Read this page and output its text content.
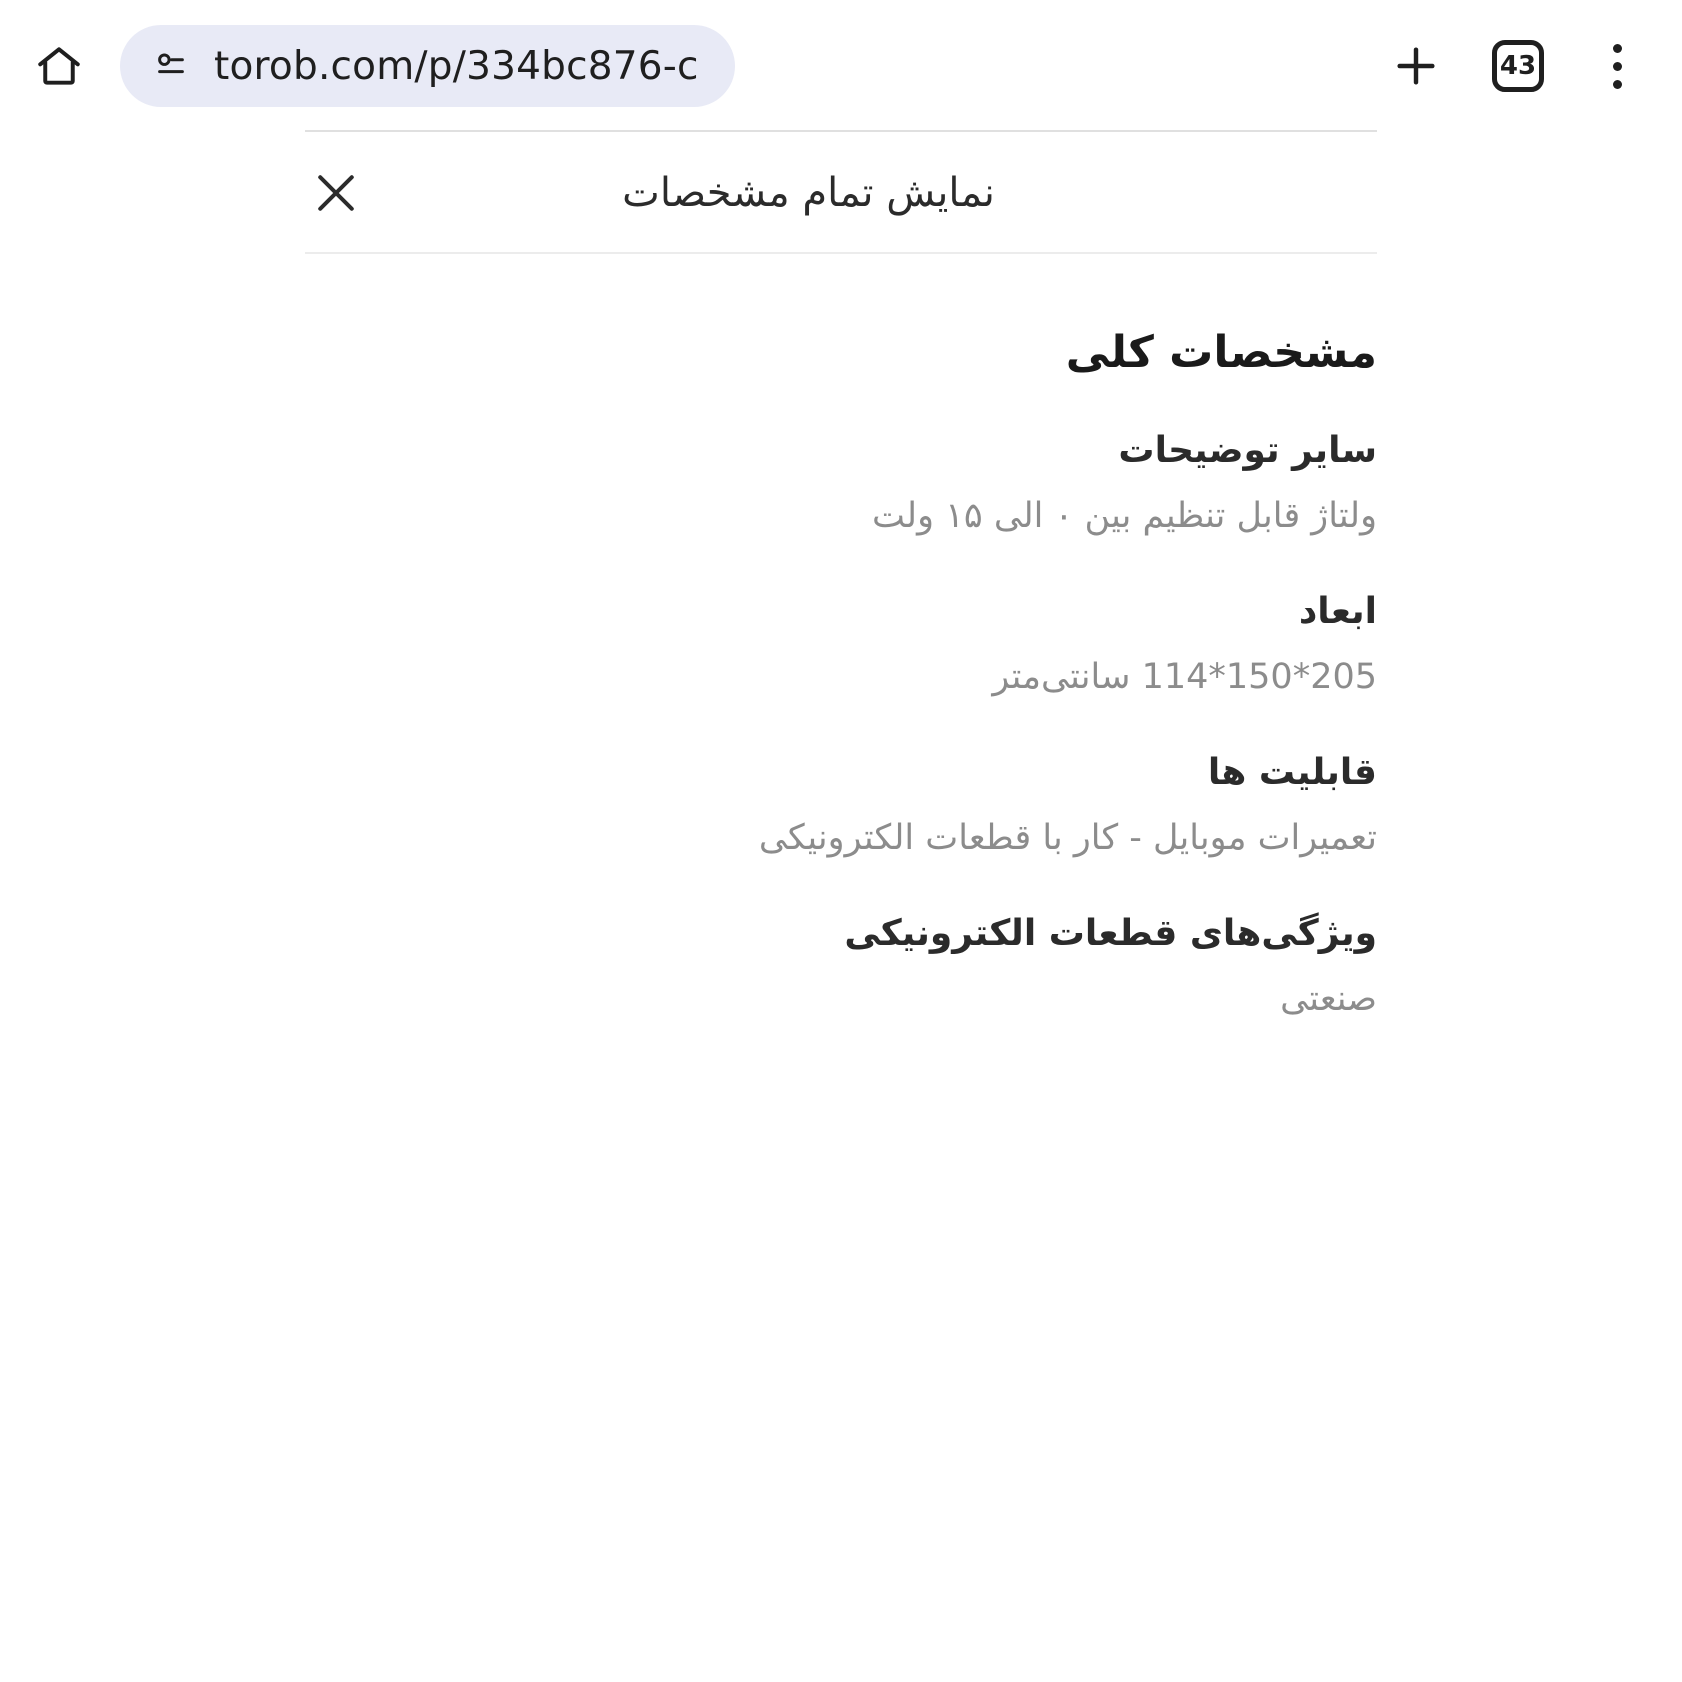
torob.com/p/334bc876-c	43
نمایش تمام مشخصات
مشخصات کلی
سایر توضیحات
ولتاژ قابل تنظیم بین ۰ الی ۱۵ ولت
ابعاد
205*150*114 سانتی‌متر
قابلیت ها
تعمیرات موبایل - کار با قطعات الکترونیکی
ویژگی‌های قطعات الکترونیکی
صنعتی
